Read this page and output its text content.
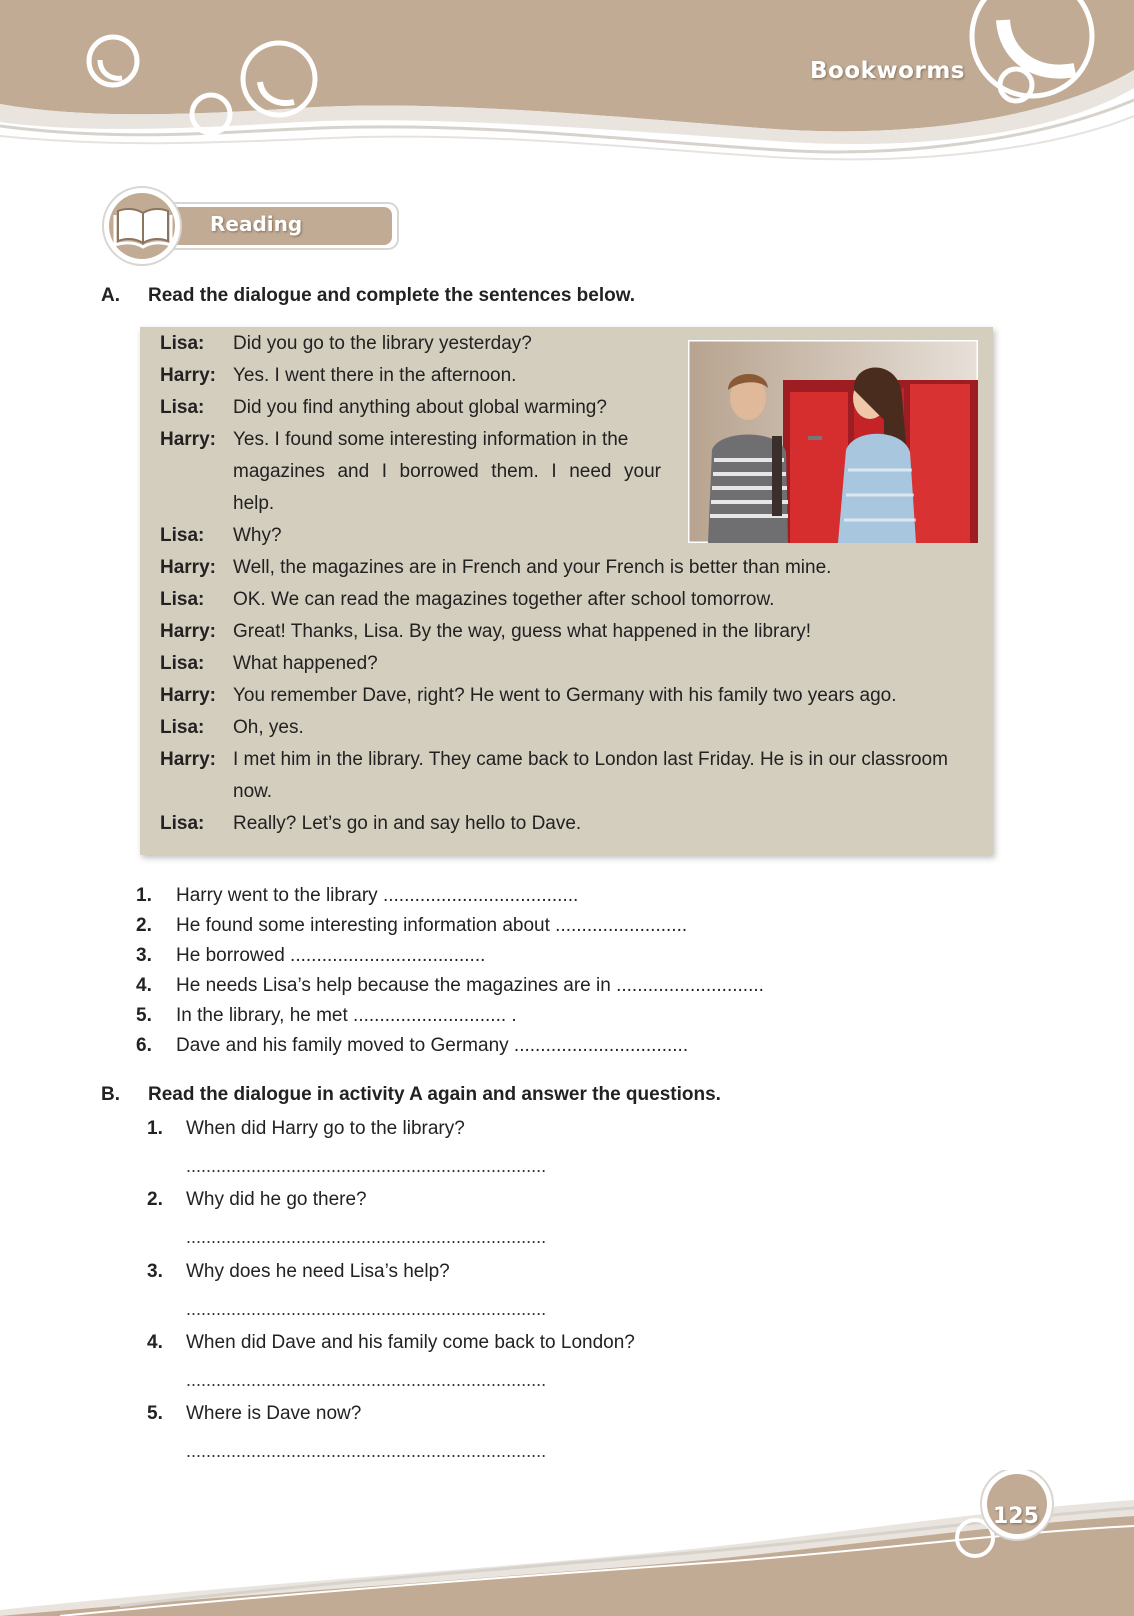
Bookworms
Reading
A. Read the dialogue and complete the sentences below.
Lisa: Did you go to the library yesterday?
Harry: Yes. I went there in the afternoon.
Lisa: Did you find anything about global warming?
Harry: Yes. I found some interesting information in the
magazines and I borrowed them. I need your
help.
Lisa: Why?
Harry: Well, the magazines are in French and your French is better than mine.
Lisa: OK. We can read the magazines together after school tomorrow.
Harry: Great! Thanks, Lisa. By the way, guess what happened in the library!
Lisa: What happened?
Harry: You remember Dave, right? He went to Germany with his family two years ago.
Lisa: Oh, yes.
Harry: I met him in the library. They came back to London last Friday. He is in our classroom
now.
Lisa: Really? Let’s go in and say hello to Dave.
1. Harry went to the library .....................................
2. He found some interesting information about .........................
3. He borrowed .....................................
4. He needs Lisa’s help because the magazines are in ............................
5. In the library, he met ............................. .
6. Dave and his family moved to Germany .................................
B. Read the dialogue in activity A again and answer the questions.
1. When did Harry go to the library?
........................................................................
2. Why did he go there?
........................................................................
3. Why does he need Lisa’s help?
........................................................................
4. When did Dave and his family come back to London?
........................................................................
5. Where is Dave now?
........................................................................
125
